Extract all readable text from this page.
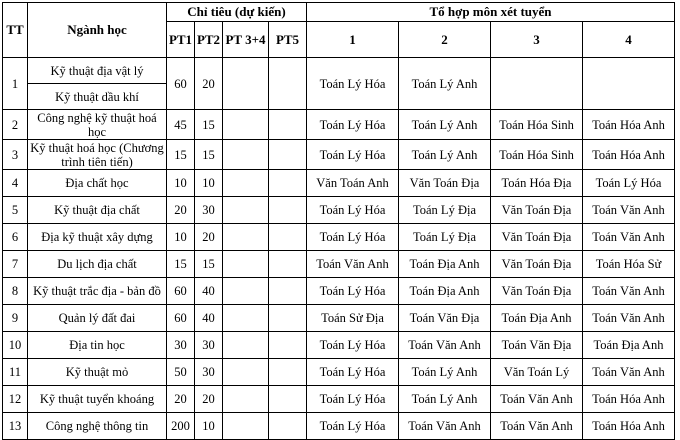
TT	Ngành học	Chỉ tiêu (dự kiến)				Tổ hợp môn xét tuyển			
		PT1	PT2	PT 3+4	PT5	1	2	3	4

1	Kỹ thuật địa vật lý	60	20			Toán Lý Hóa	Toán Lý Anh		
	Kỹ thuật dầu khí								
2	Công nghệ kỹ thuật hoá học	45	15			Toán Lý Hóa	Toán Lý Anh	Toán Hóa Sinh	Toán Hóa Anh
3	Kỹ thuật hoá học (Chương trình tiên tiến)	15	15			Toán Lý Hóa	Toán Lý Anh	Toán Hóa Sinh	Toán Hóa Anh
4	Địa chất học	10	10			Văn Toán Anh	Văn Toán Địa	Toán Hóa Địa	Toán Lý Hóa
5	Kỹ thuật địa chất	20	30			Toán Lý Hóa	Toán Lý Địa	Văn Toán Địa	Toán Văn Anh
6	Địa kỹ thuật xây dựng	10	20			Toán Lý Hóa	Toán Lý Địa	Văn Toán Địa	Toán Văn Anh
7	Du lịch địa chất	15	15			Toán Văn Anh	Toán Địa Anh	Văn Toán Địa	Toán Hóa Sử
8	Kỹ thuật trắc địa - bản đồ	60	40			Toán Lý Hóa	Toán Địa Anh	Văn Toán Địa	Toán Văn Anh
9	Quản lý đất đai	60	40			Toán Sử Địa	Toán Văn Địa	Toán Địa Anh	Toán Văn Anh
10	Địa tin học	30	30			Toán Lý Hóa	Toán Văn Anh	Toán Văn Địa	Toán Địa Anh
11	Kỹ thuật mỏ	50	30			Toán Lý Hóa	Toán Lý Anh	Văn Toán Lý	Toán Văn Anh
12	Kỹ thuật tuyển khoáng	20	20			Toán Lý Hóa	Toán Lý Anh	Toán Văn Anh	Toán Hóa Anh
13	Công nghệ thông tin	200	10			Toán Lý Hóa	Toán Văn Anh	Toán Văn Anh	Toán Hóa Anh
